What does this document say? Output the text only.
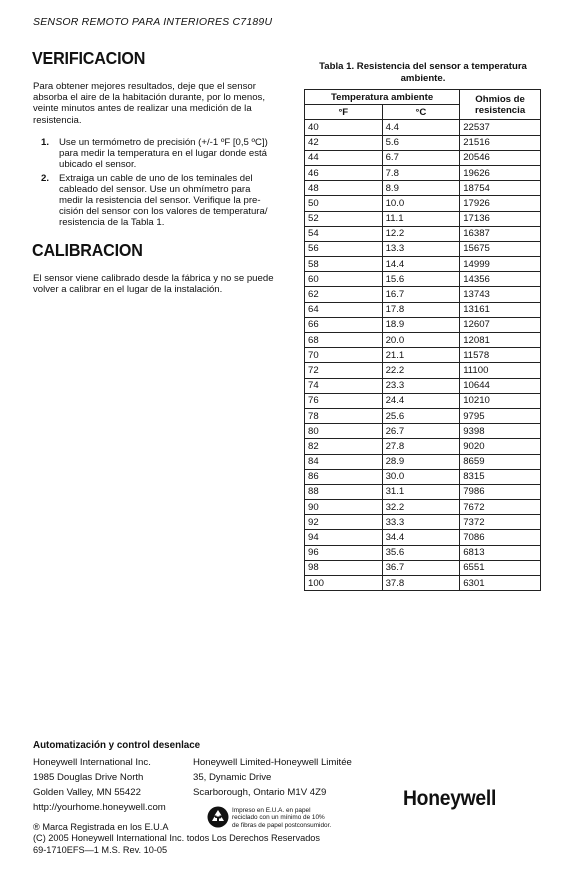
SENSOR REMOTO PARA INTERIORES C7189U
VERIFICACION
Para obtener mejores resultados, deje que el sensor
absorba el aire de la habitación durante, por lo menos,
veinte minutos antes de realizar una medición de la
resistencia.
1. Use un termómetro de precisión (+/-1 ºF [0,5 ºC])
para medir la temperatura en el lugar donde está
ubicado el sensor.
2. Extraiga un cable de uno de los teminales del
cableado del sensor. Use un ohmímetro para
medir la resistencia del sensor. Verifique la pre-
cisión del sensor con los valores de temperatura/
resistencia de la Tabla 1.
CALIBRACION
El sensor viene calibrado desde la fábrica y no se puede
volver a calibrar en el lugar de la instalación.
Tabla 1. Resistencia del sensor a temperatura
ambiente.
Temperatura ambiente		Ohmios de
resistencia

°F	°C	
40	4.4	22537
42	5.6	21516
44	6.7	20546
46	7.8	19626
48	8.9	18754
50	10.0	17926
52	11.1	17136
54	12.2	16387
56	13.3	15675
58	14.4	14999
60	15.6	14356
62	16.7	13743
64	17.8	13161
66	18.9	12607
68	20.0	12081
70	21.1	11578
72	22.2	11100
74	23.3	10644
76	24.4	10210
78	25.6	9795
80	26.7	9398
82	27.8	9020
84	28.9	8659
86	30.0	8315
88	31.1	7986
90	32.2	7672
92	33.3	7372
94	34.4	7086
96	35.6	6813
98	36.7	6551
100	37.8	6301
Automatización y control desenlace
Honeywell International Inc.
1985 Douglas Drive North
Golden Valley, MN 55422
http://yourhome.honeywell.com
Honeywell Limited-Honeywell Limitée
35, Dynamic Drive
Scarborough, Ontario M1V 4Z9
Impreso en E.U.A. en papel
reciclado con un mínimo de 10%
de fibras de papel postconsumidor.
® Marca Registrada en los E.U.A
(C) 2005 Honeywell International Inc. todos Los Derechos Reservados
69-1710EFS—1 M.S. Rev. 10-05
Honeywell
